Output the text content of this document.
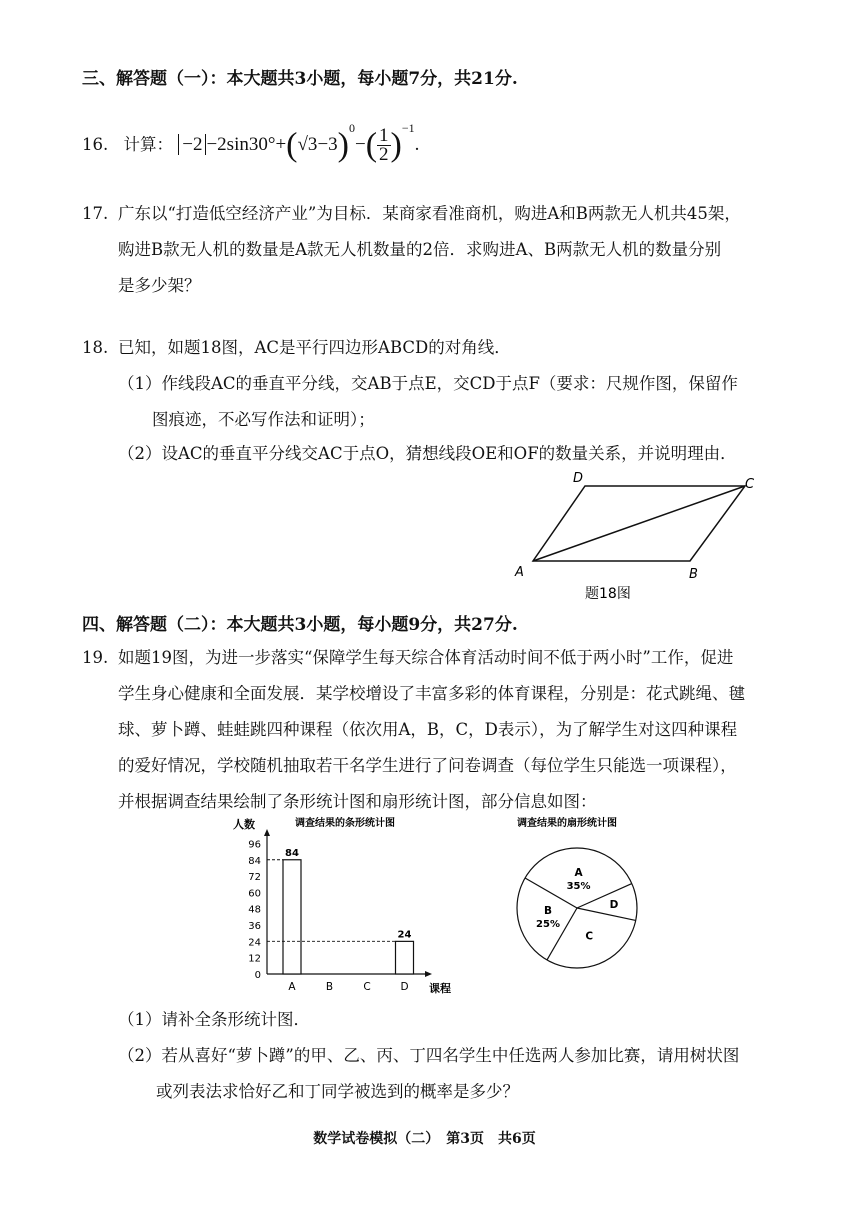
三、解答题（一）：本大题共3小题，每小题7分，共21分.
16. 计算： $-2 -2\sin 30^\circ+(√3-3)^0-( \frac{1}{2} )^{-1}$.
17. 广东以“打造低空经济产业”为目标．某商家看准商机，购进A和B两款无人机共45架，
购进B款无人机的数量是A款无人机数量的2倍．求购进A、B两款无人机的数量分别
是多少架？
18. 已知，如题18图，AC是平行四边形ABCD的对角线．
（1）作线段AC的垂直平分线，交AB于点E，交CD于点F（要求：尺规作图，保留作
图痕迹，不必写作法和证明）；
（2）设AC的垂直平分线交AC于点O，猜想线段OE和OF的数量关系，并说明理由．
A	B
C
D
题18图
四、解答题（二）：本大题共3小题，每小题9分，共27分.
19. 如题19图，为进一步落实“保障学生每天综合体育活动时间不低于两小时”工作，促进
学生身心健康和全面发展．某学校增设了丰富多彩的体育课程，分别是：花式跳绳、毽
球、萝卜蹲、蛙蛙跳四种课程（依次用A，B，C，D表示），为了解学生对这四种课程
的爱好情况，学校随机抽取若干名学生进行了问卷调查（每位学生只能选一项课程），
并根据调查结果绘制了条形统计图和扇形统计图，部分信息如图：
人数	调查结果的条形统计图
课程
0
12
24
36
48
60
72
84
96
A
84
B	C	D
24
调查结果的扇形统计图
A
35%
B
25%
C
D
（1）请补全条形统计图．
（2）若从喜好“萝卜蹲”的甲、乙、丙、丁四名学生中任选两人参加比赛，请用树状图
或列表法求恰好乙和丁同学被选到的概率是多少？
数学试卷模拟（二）　第3页　共6页
